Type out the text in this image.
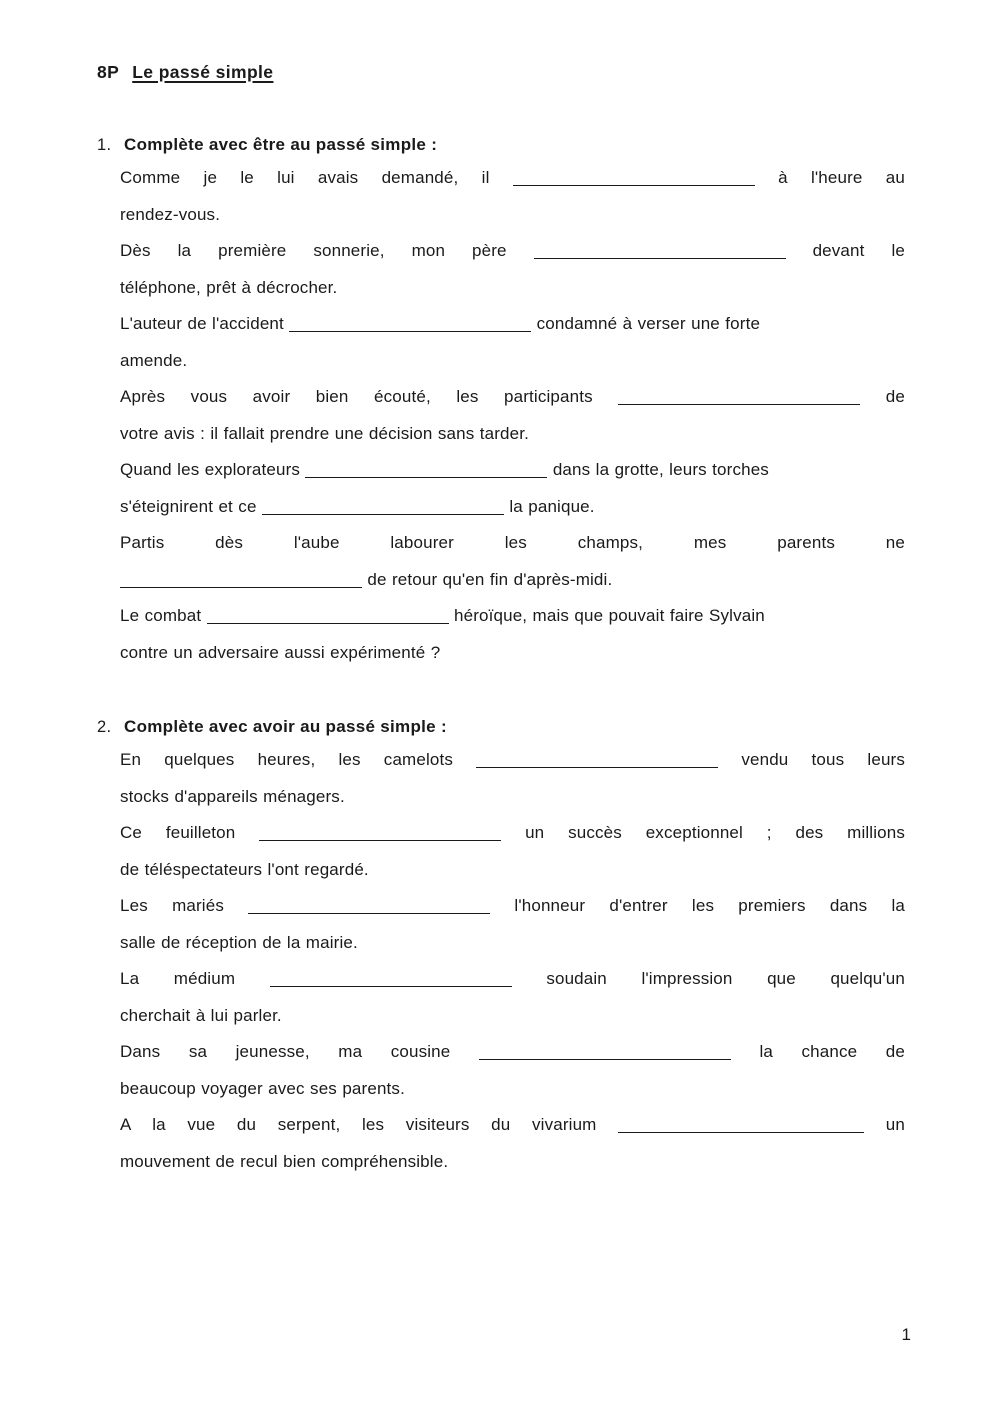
8P Le passé simple
1. Complète avec être au passé simple :

Comme je le lui avais demandé, il	à l'heure au
rendez-vous.

Dès la première sonnerie, mon père	devant le
téléphone, prêt à décrocher.

L'auteur de l'accident	condamné à verser une forte
amende.

Après vous avoir bien écouté, les participants	de
votre avis : il fallait prendre une décision sans tarder.

Quand les explorateurs	dans la grotte, leurs torches
s'éteignirent et ce	la panique.

Partis dès l'aube labourer les champs, mes parents ne
de retour qu'en fin d'après-midi.

Le combat	héroïque, mais que pouvait faire Sylvain
contre un adversaire aussi expérimenté ?

2. Complète avec avoir au passé simple :

En quelques heures, les camelots	vendu tous leurs
stocks d'appareils ménagers.

Ce feuilleton	un succès exceptionnel ; des millions
de téléspectateurs l'ont regardé.

Les mariés	l'honneur d'entrer les premiers dans la
salle de réception de la mairie.

La médium	soudain l'impression que quelqu'un
cherchait à lui parler.

Dans sa jeunesse, ma cousine	la chance de
beaucoup voyager avec ses parents.

A la vue du serpent, les visiteurs du vivarium	un
mouvement de recul bien compréhensible.

1
